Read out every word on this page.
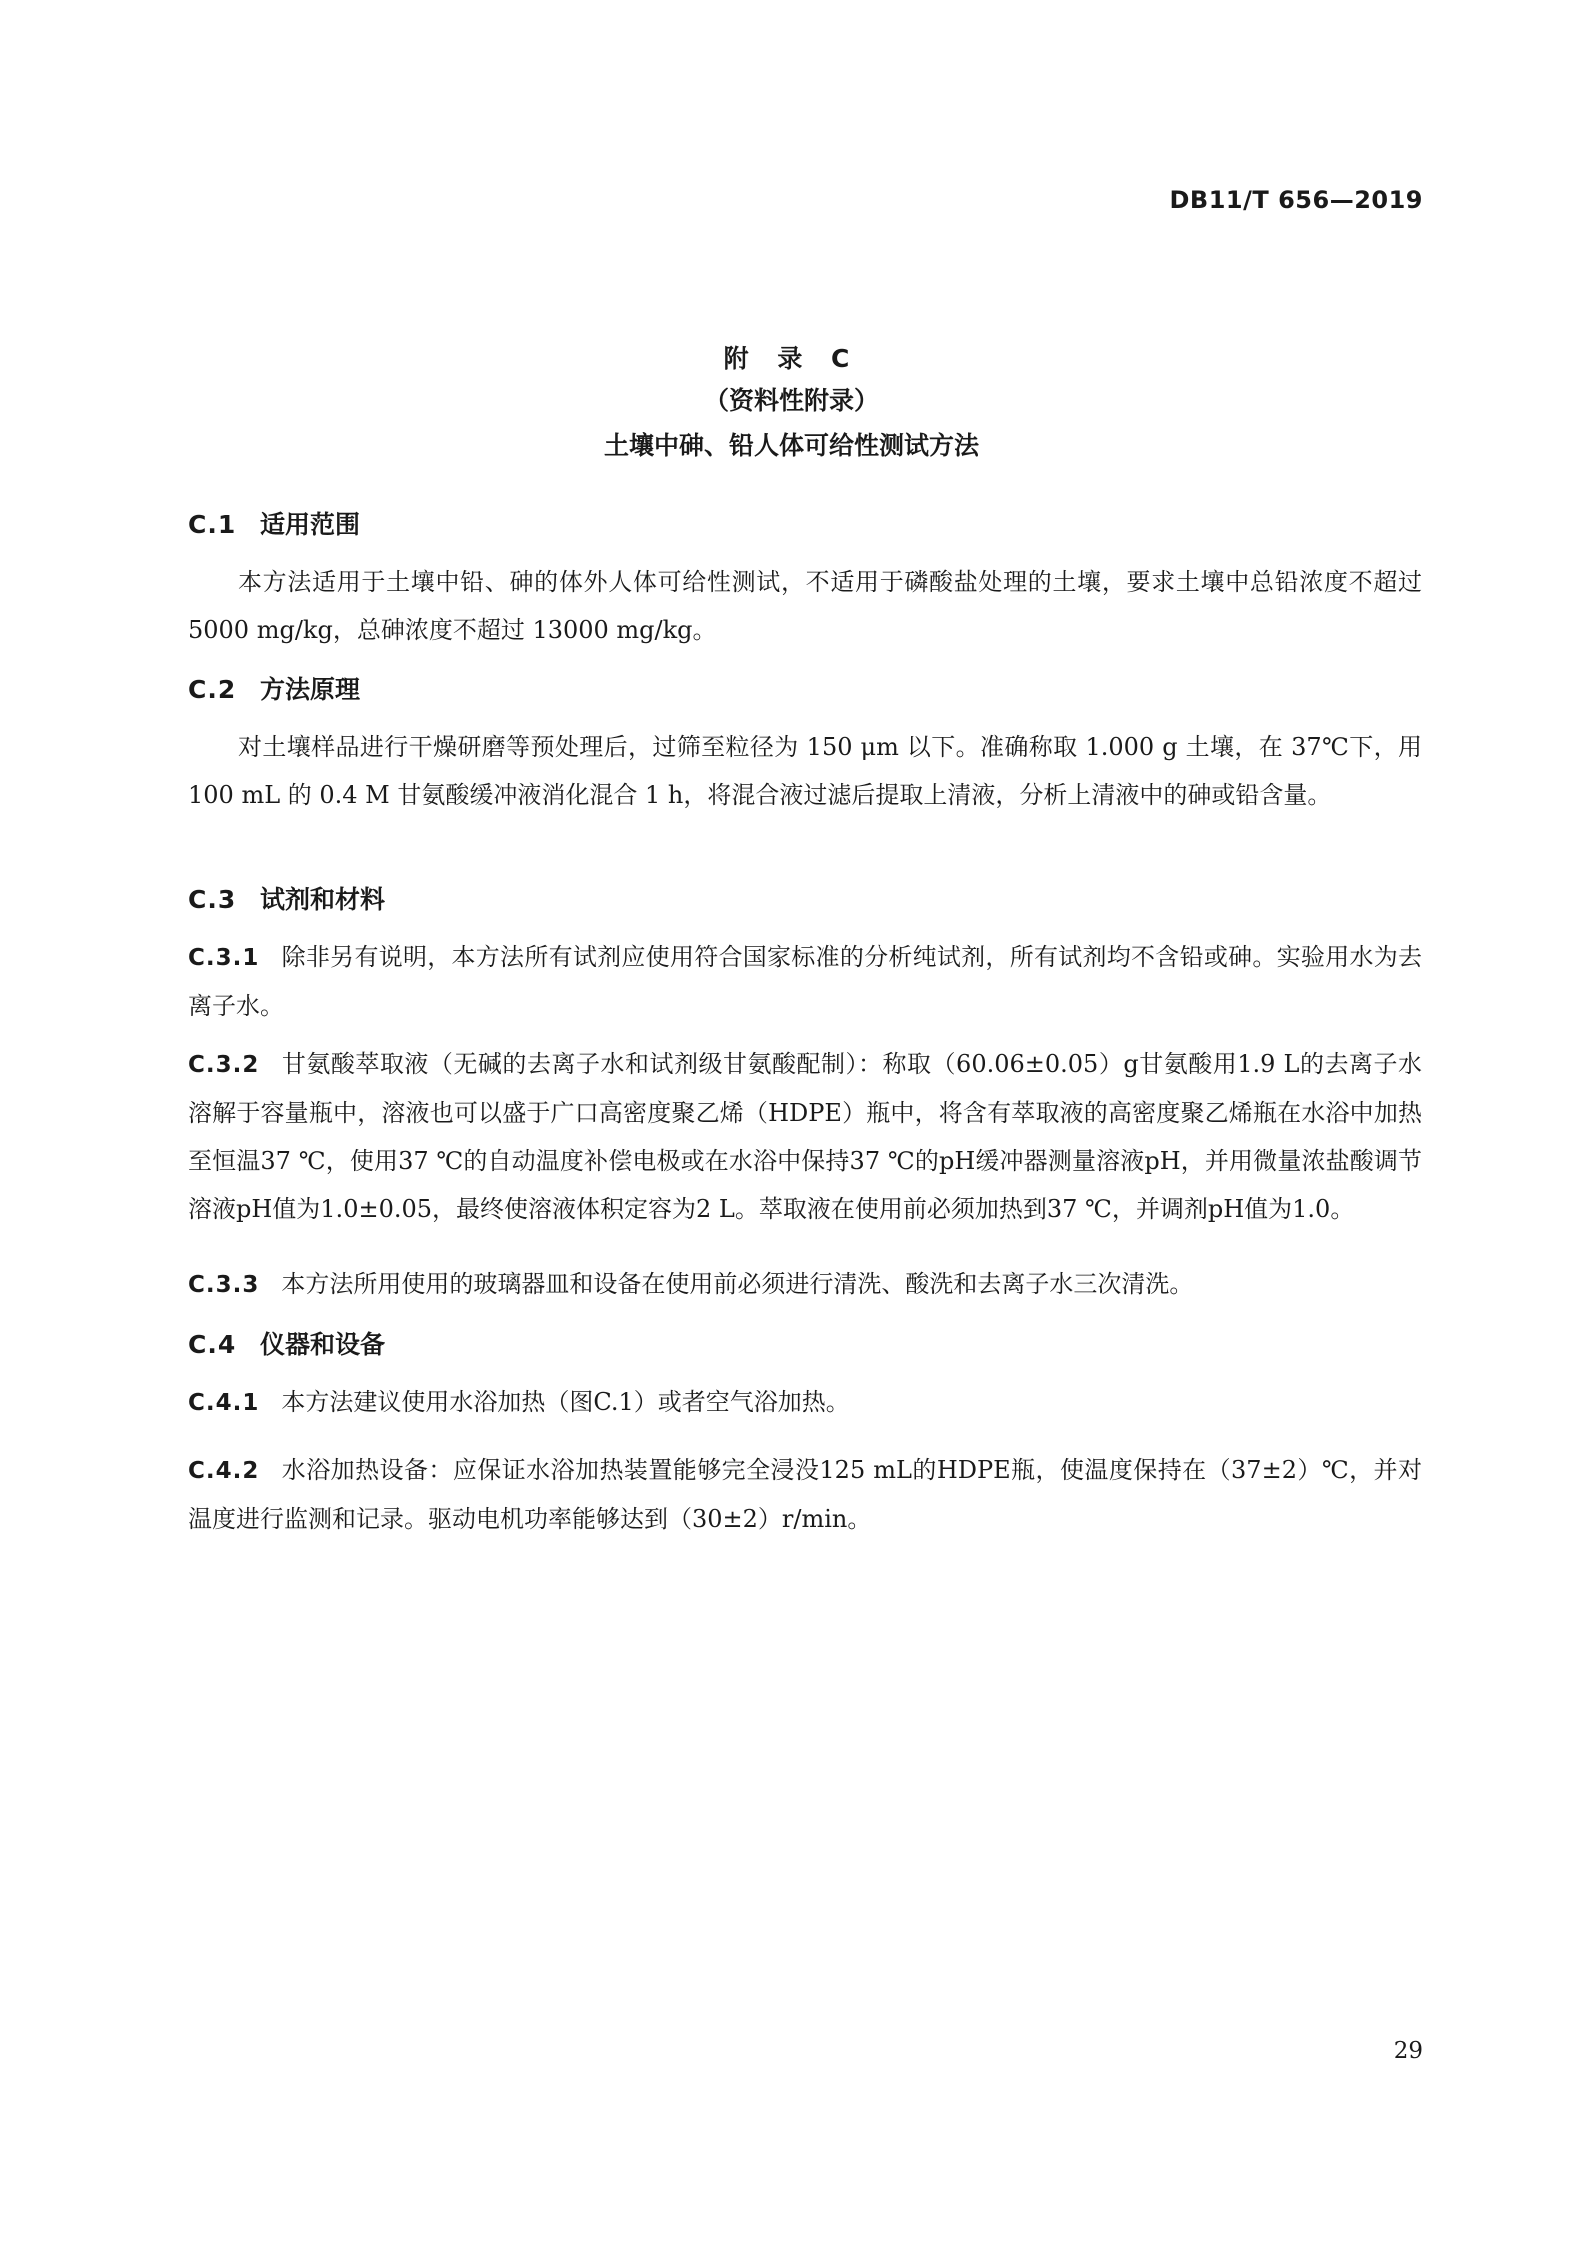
DB11/T 656—2019
附 录 C
（资料性附录）
土壤中砷、铅人体可给性测试方法
C.1 适用范围
本方法适用于土壤中铅、砷的体外人体可给性测试，不适用于磷酸盐处理的土壤，要求土壤中总铅浓度不超过 5000 mg/kg，总砷浓度不超过 13000 mg/kg。
C.2 方法原理
对土壤样品进行干燥研磨等预处理后，过筛至粒径为 150 μm 以下。准确称取 1.000 g 土壤，在 37℃下，用 100 mL 的 0.4 M 甘氨酸缓冲液消化混合 1 h，将混合液过滤后提取上清液，分析上清液中的砷或铅含量。
C.3 试剂和材料
C.3.1 除非另有说明，本方法所有试剂应使用符合国家标准的分析纯试剂，所有试剂均不含铅或砷。实验用水为去离子水。
C.3.2 甘氨酸萃取液（无碱的去离子水和试剂级甘氨酸配制）：称取（60.06±0.05）g甘氨酸用1.9 L的去离子水溶解于容量瓶中，溶液也可以盛于广口高密度聚乙烯（HDPE）瓶中，将含有萃取液的高密度聚乙烯瓶在水浴中加热至恒温37 ℃，使用37 ℃的自动温度补偿电极或在水浴中保持37 ℃的pH缓冲器测量溶液pH，并用微量浓盐酸调节溶液pH值为1.0±0.05，最终使溶液体积定容为2 L。萃取液在使用前必须加热到37 ℃，并调剂pH值为1.0。
C.3.3 本方法所用使用的玻璃器皿和设备在使用前必须进行清洗、酸洗和去离子水三次清洗。
C.4 仪器和设备
C.4.1 本方法建议使用水浴加热（图C.1）或者空气浴加热。
C.4.2 水浴加热设备：应保证水浴加热装置能够完全浸没125 mL的HDPE瓶，使温度保持在（37±2）℃，并对温度进行监测和记录。驱动电机功率能够达到（30±2）r/min。
29
